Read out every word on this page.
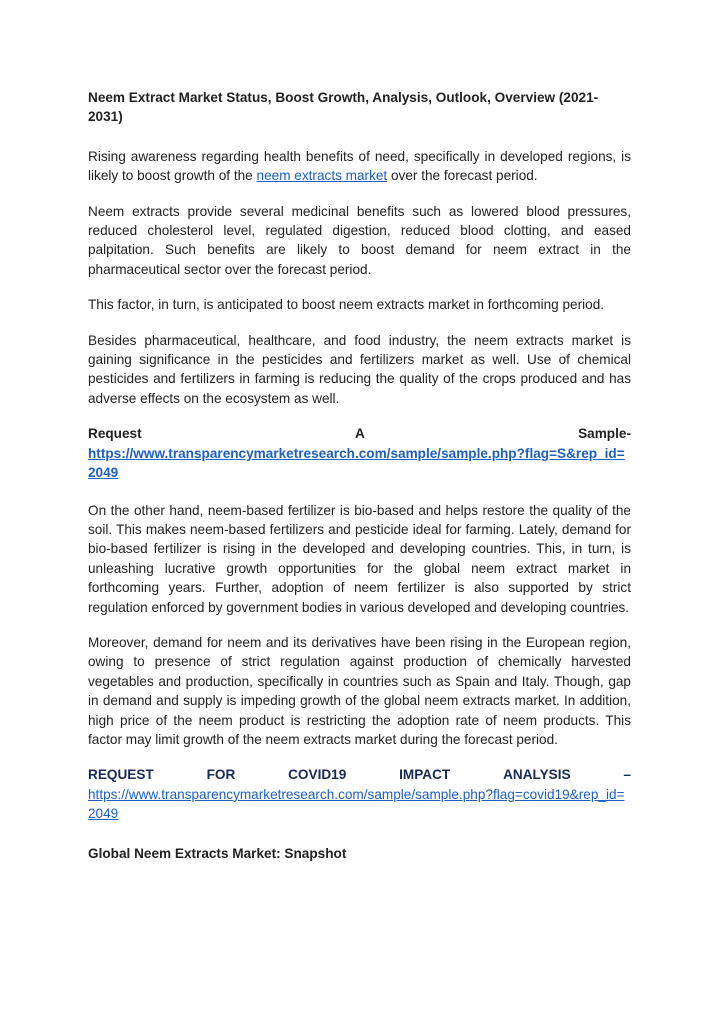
Neem Extract Market Status, Boost Growth, Analysis, Outlook, Overview (2021-2031)

Rising awareness regarding health benefits of need, specifically in developed regions, is likely to boost growth of the neem extracts market over the forecast period.

Neem extracts provide several medicinal benefits such as lowered blood pressures, reduced cholesterol level, regulated digestion, reduced blood clotting, and eased palpitation. Such benefits are likely to boost demand for neem extract in the pharmaceutical sector over the forecast period.

This factor, in turn, is anticipated to boost neem extracts market in forthcoming period.

Besides pharmaceutical, healthcare, and food industry, the neem extracts market is gaining significance in the pesticides and fertilizers market as well. Use of chemical pesticides and fertilizers in farming is reducing the quality of the crops produced and has adverse effects on the ecosystem as well.

Request	A	Sample-
https://www.transparencymarketresearch.com/sample/sample.php?flag=S&rep_id=2049

On the other hand, neem-based fertilizer is bio-based and helps restore the quality of the soil. This makes neem-based fertilizers and pesticide ideal for farming. Lately, demand for bio-based fertilizer is rising in the developed and developing countries. This, in turn, is unleashing lucrative growth opportunities for the global neem extract market in forthcoming years. Further, adoption of neem fertilizer is also supported by strict regulation enforced by government bodies in various developed and developing countries.

Moreover, demand for neem and its derivatives have been rising in the European region, owing to presence of strict regulation against production of chemically harvested vegetables and production, specifically in countries such as Spain and Italy. Though, gap in demand and supply is impeding growth of the global neem extracts market. In addition, high price of the neem product is restricting the adoption rate of neem products. This factor may limit growth of the neem extracts market during the forecast period.

REQUEST	FOR	COVID19	IMPACT	ANALYSIS	–
https://www.transparencymarketresearch.com/sample/sample.php?flag=covid19&rep_id=2049

Global Neem Extracts Market: Snapshot
